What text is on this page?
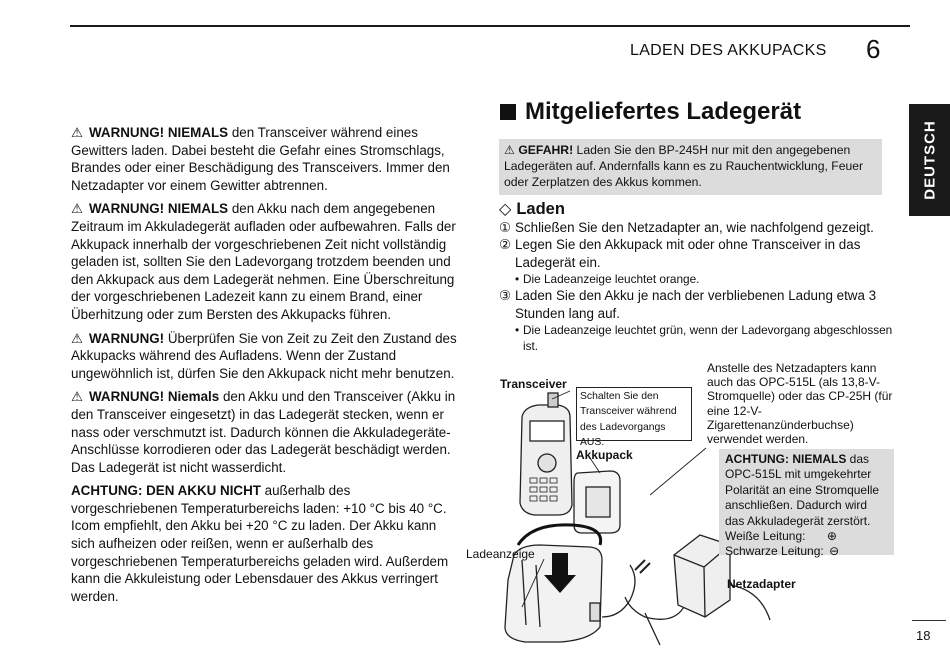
LADEN DES AKKUPACKS 6
DEUTSCH

⚠ WARNUNG! NIEMALS den Transceiver während eines Gewitters laden. Dabei besteht die Gefahr eines Stromschlags, Brandes oder einer Beschädigung des Transceivers. Immer den Netzadapter vor einem Gewitter abtrennen.

⚠ WARNUNG! NIEMALS den Akku nach dem angegebenen Zeitraum im Akkuladegerät aufladen oder aufbewahren. Falls der Akkupack innerhalb der vorgeschriebenen Zeit nicht vollständig geladen ist, sollten Sie den Ladevorgang trotzdem beenden und den Akkupack aus dem Ladegerät nehmen. Eine Überschreitung der vorgeschriebenen Ladezeit kann zu einem Brand, einer Überhitzung oder zum Bersten des Akkupacks führen.

⚠ WARNUNG! Überprüfen Sie von Zeit zu Zeit den Zustand des Akkupacks während des Aufladens. Wenn der Zustand ungewöhnlich ist, dürfen Sie den Akkupack nicht mehr benutzen.

⚠ WARNUNG! Niemals den Akku und den Transceiver (Akku in den Transceiver eingesetzt) in das Ladegerät stecken, wenn er nass oder verschmutzt ist. Dadurch können die Akkuladegeräte-Anschlüsse korrodieren oder das Ladegerät beschädigt werden. Das Ladegerät ist nicht wasserdicht.

ACHTUNG: DEN AKKU NICHT außerhalb des vorgeschriebenen Temperaturbereichs laden: +10 °C bis 40 °C. Icom empfiehlt, den Akku bei +20 °C zu laden. Der Akku kann sich aufheizen oder reißen, wenn er außerhalb des vorgeschriebenen Temperaturbereichs geladen wird. Außerdem kann die Akkuleistung oder Lebensdauer des Akkus verringert werden.

Mitgeliefertes Ladegerät
⚠ GEFAHR! Laden Sie den BP-245H nur mit den angegebenen Ladegeräten auf. Andernfalls kann es zu Rauchentwicklung, Feuer oder Zerplatzen des Akkus kommen.
◇ Laden
① Schließen Sie den Netzadapter an, wie nachfolgend gezeigt.
② Legen Sie den Akkupack mit oder ohne Transceiver in das Ladegerät ein.
• Die Ladeanzeige leuchtet orange.
③ Laden Sie den Akku je nach der verbliebenen Ladung etwa 3 Stunden lang auf.
• Die Ladeanzeige leuchtet grün, wenn der Ladevorgang abgeschlossen ist.
Transceiver
Akkupack
Ladeanzeige
Netzadapter
Schalten Sie den Transceiver während des Ladevorgangs AUS.
Anstelle des Netzadapters kann auch das OPC-515L (als 13,8-V-Stromquelle) oder das CP-25H (für eine 12-V-Zigarettenanzünderbuchse) verwendet werden.
ACHTUNG: NIEMALS das OPC-515L mit umgekehrter Polarität an eine Stromquelle anschließen. Dadurch wird das Akkuladegerät zerstört.
Weiße Leitung: ⊕
Schwarze Leitung: ⊖
18
